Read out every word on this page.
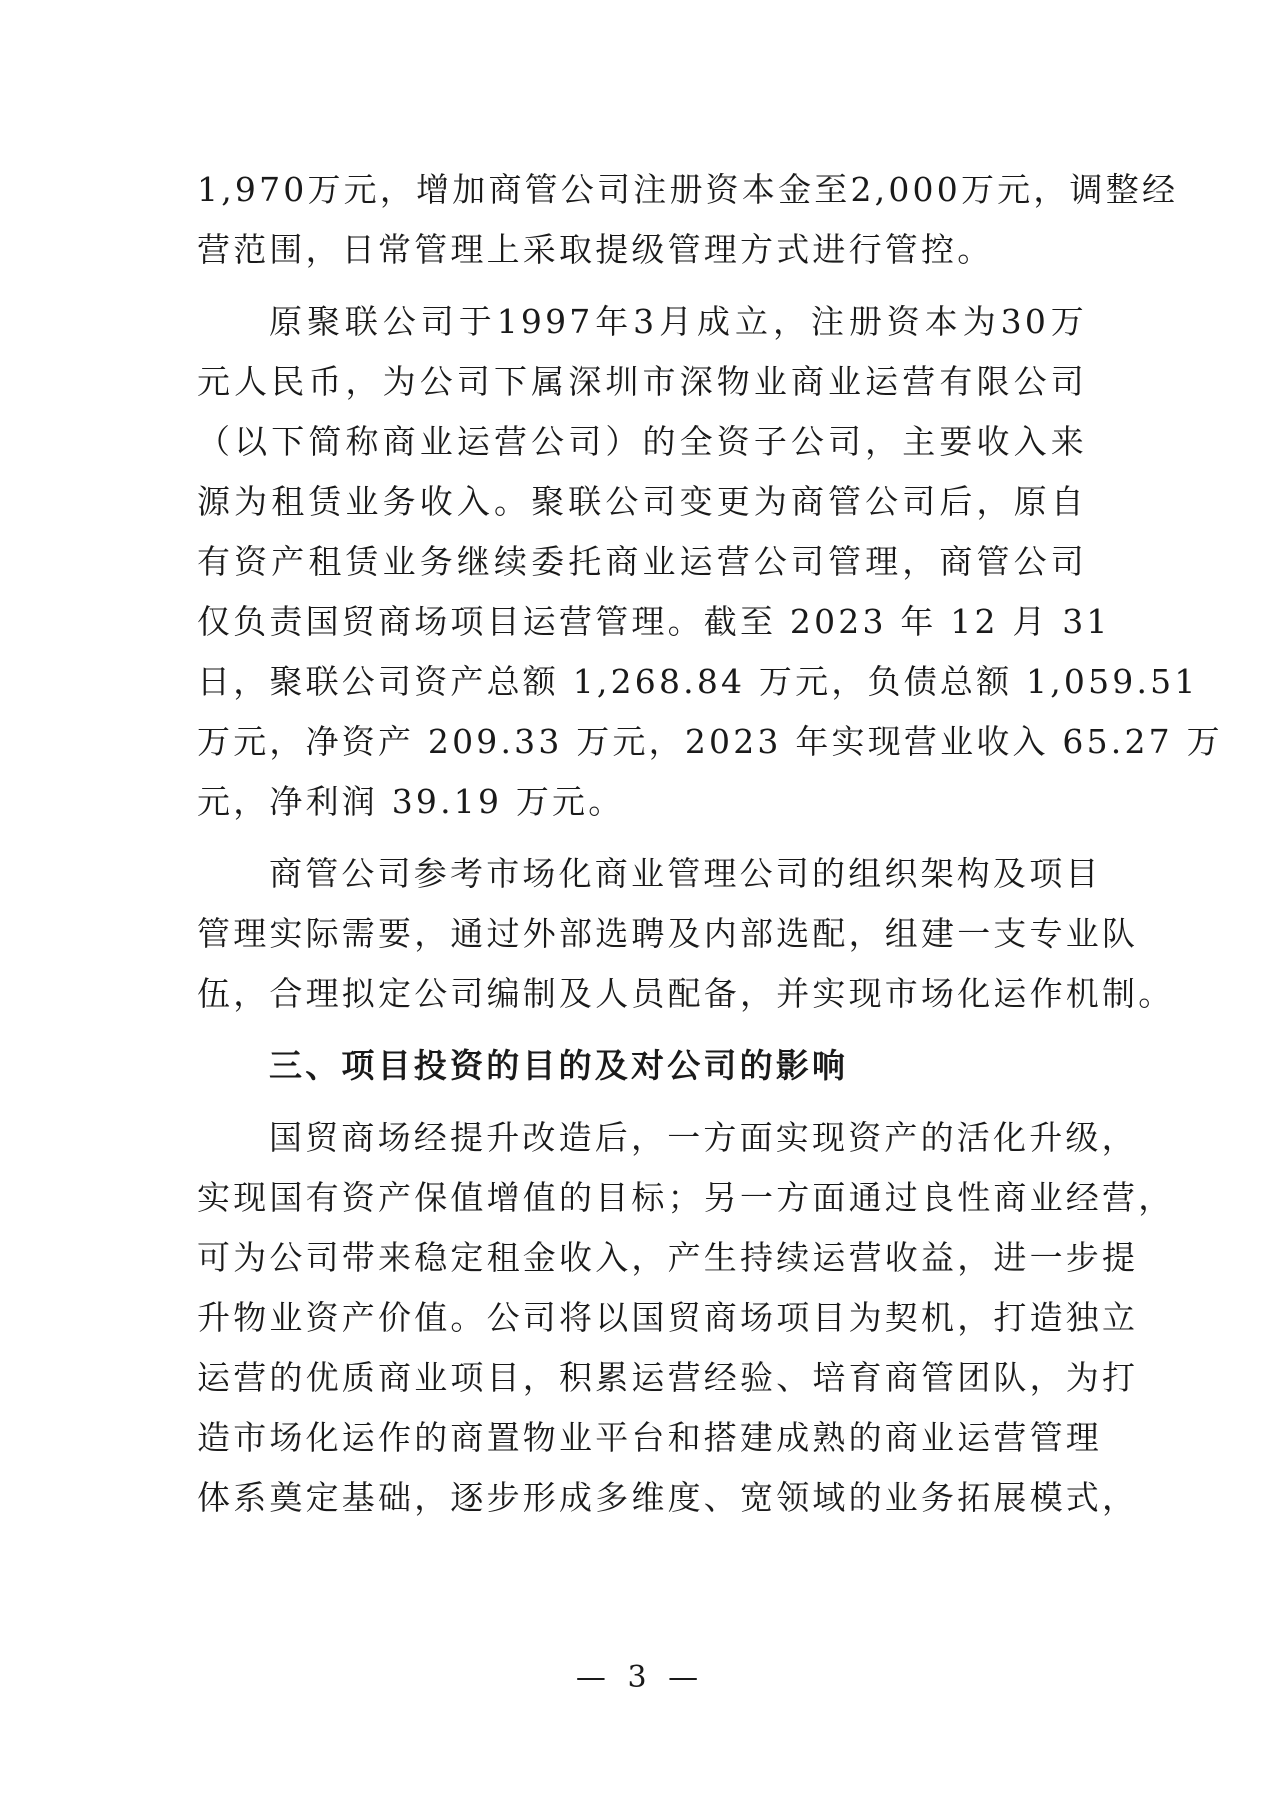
1,970万元，增加商管公司注册资本金至2,000万元，调整经
营范围，日常管理上采取提级管理方式进行管控。
原聚联公司于1997年3月成立，注册资本为30万
元人民币，为公司下属深圳市深物业商业运营有限公司
（以下简称商业运营公司）的全资子公司，主要收入来
源为租赁业务收入。聚联公司变更为商管公司后，原自
有资产租赁业务继续委托商业运营公司管理，商管公司
仅负责国贸商场项目运营管理。截至 2023 年 12 月 31
日，聚联公司资产总额 1,268.84 万元，负债总额 1,059.51
万元，净资产 209.33 万元，2023 年实现营业收入 65.27 万
元，净利润 39.19 万元。
商管公司参考市场化商业管理公司的组织架构及项目
管理实际需要，通过外部选聘及内部选配，组建一支专业队
伍，合理拟定公司编制及人员配备，并实现市场化运作机制。
三、项目投资的目的及对公司的影响
国贸商场经提升改造后，一方面实现资产的活化升级，
实现国有资产保值增值的目标；另一方面通过良性商业经营，
可为公司带来稳定租金收入，产生持续运营收益，进一步提
升物业资产价值。公司将以国贸商场项目为契机，打造独立
运营的优质商业项目，积累运营经验、培育商管团队，为打
造市场化运作的商置物业平台和搭建成熟的商业运营管理
体系奠定基础，逐步形成多维度、宽领域的业务拓展模式，
— 3 —
